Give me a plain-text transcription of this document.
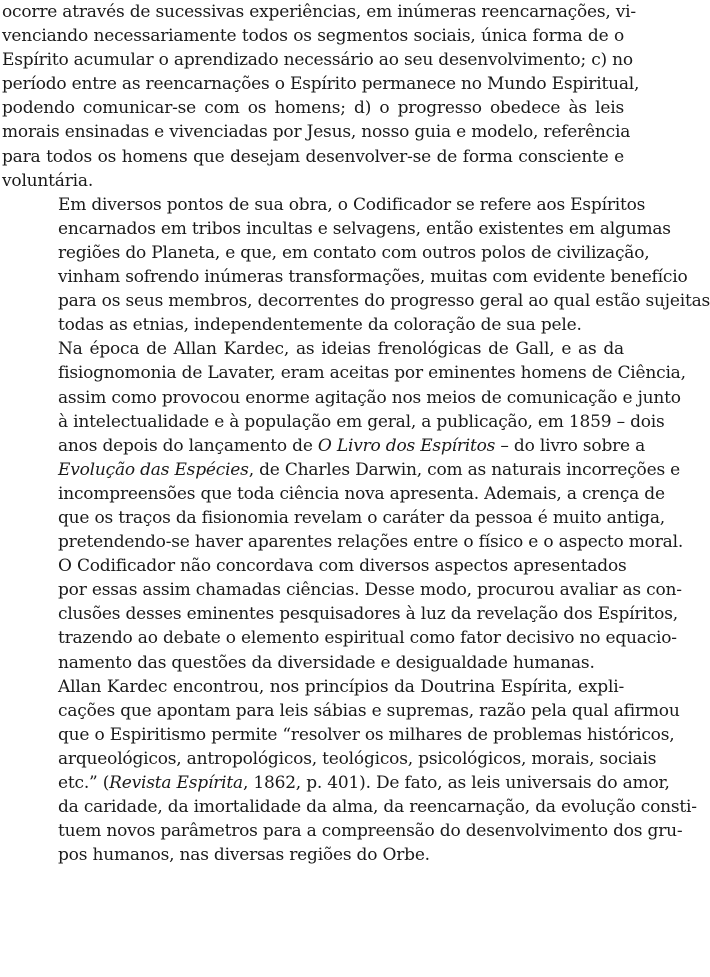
ocorre através de sucessivas experiências, em inúmeras reencarnações, vi-
venciando necessariamente todos os segmentos sociais, única forma de o
Espírito acumular o aprendizado necessário ao seu desenvolvimento; c) no
período entre as reencarnações o Espírito permanece no Mundo Espiritual,
podendo comunicar-se com os homens; d) o progresso obedece às leis
morais ensinadas e vivenciadas por Jesus, nosso guia e modelo, referência
para todos os homens que desejam desenvolver-se de forma consciente e
voluntária.
Em diversos pontos de sua obra, o Codificador se refere aos Espíritos
encarnados em tribos incultas e selvagens, então existentes em algumas
regiões do Planeta, e que, em contato com outros polos de civilização,
vinham sofrendo inúmeras transformações, muitas com evidente benefício
para os seus membros, decorrentes do progresso geral ao qual estão sujeitas
todas as etnias, independentemente da coloração de sua pele.
Na época de Allan Kardec, as ideias frenológicas de Gall, e as da
fisiognomonia de Lavater, eram aceitas por eminentes homens de Ciência,
assim como provocou enorme agitação nos meios de comunicação e junto
à intelectualidade e à população em geral, a publicação, em 1859 – dois
anos depois do lançamento de O Livro dos Espíritos – do livro sobre a
Evolução das Espécies, de Charles Darwin, com as naturais incorreções e
incompreensões que toda ciência nova apresenta. Ademais, a crença de
que os traços da fisionomia revelam o caráter da pessoa é muito antiga,
pretendendo-se haver aparentes relações entre o físico e o aspecto moral.
O Codificador não concordava com diversos aspectos apresentados
por essas assim chamadas ciências. Desse modo, procurou avaliar as con-
clusões desses eminentes pesquisadores à luz da revelação dos Espíritos,
trazendo ao debate o elemento espiritual como fator decisivo no equacio-
namento das questões da diversidade e desigualdade humanas.
Allan Kardec encontrou, nos princípios da Doutrina Espírita, expli-
cações que apontam para leis sábias e supremas, razão pela qual afirmou
que o Espiritismo permite “resolver os milhares de problemas históricos,
arqueológicos, antropológicos, teológicos, psicológicos, morais, sociais
etc.” (Revista Espírita, 1862, p. 401). De fato, as leis universais do amor,
da caridade, da imortalidade da alma, da reencarnação, da evolução consti-
tuem novos parâmetros para a compreensão do desenvolvimento dos gru-
pos humanos, nas diversas regiões do Orbe.
